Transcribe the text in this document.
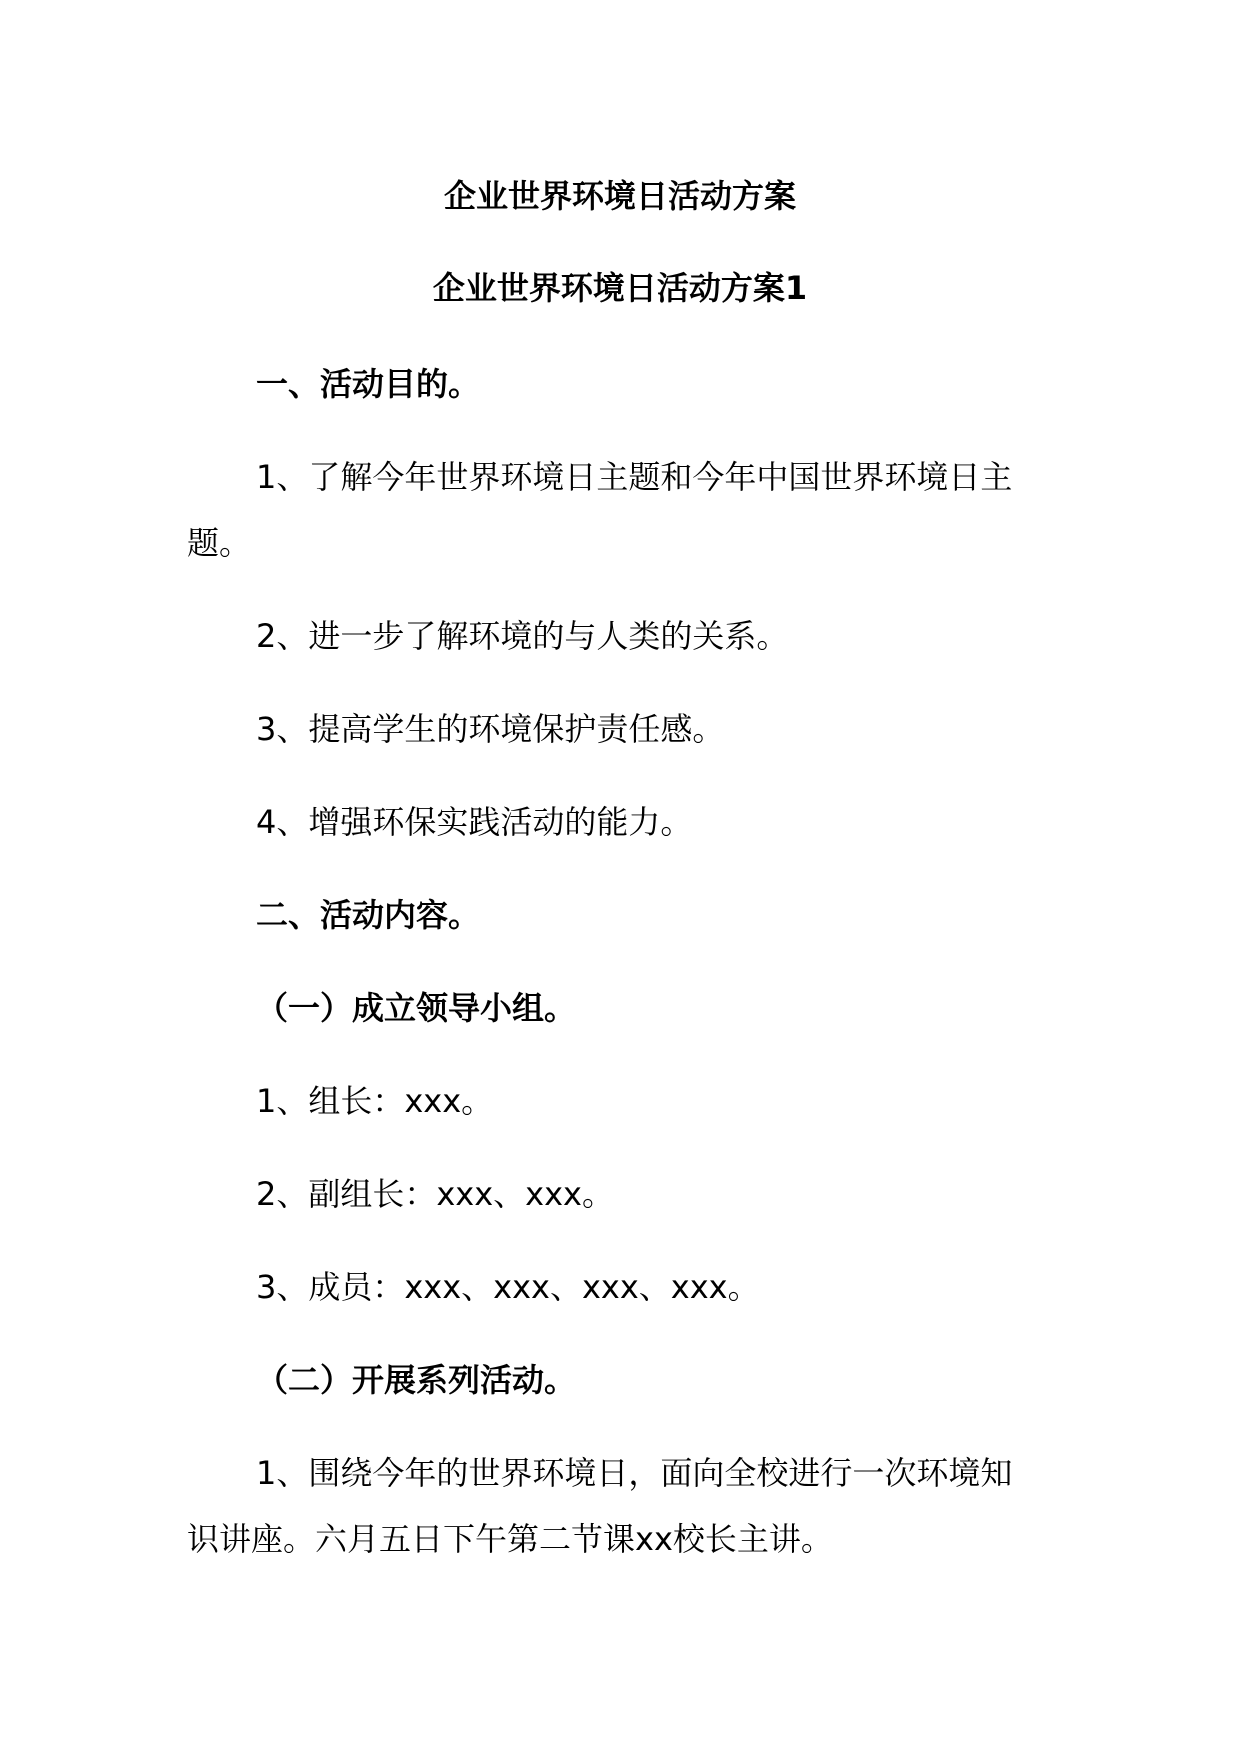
企业世界环境日活动方案

企业世界环境日活动方案1

一、活动目的。

1、了解今年世界环境日主题和今年中国世界环境日主

题。

2、进一步了解环境的与人类的关系。

3、提高学生的环境保护责任感。

4、增强环保实践活动的能力。

二、活动内容。

（一）成立领导小组。

1、组长：xxx。

2、副组长：xxx、xxx。

3、成员：xxx、xxx、xxx、xxx。

（二）开展系列活动。

1、围绕今年的世界环境日，面向全校进行一次环境知

识讲座。六月五日下午第二节课xx校长主讲。
